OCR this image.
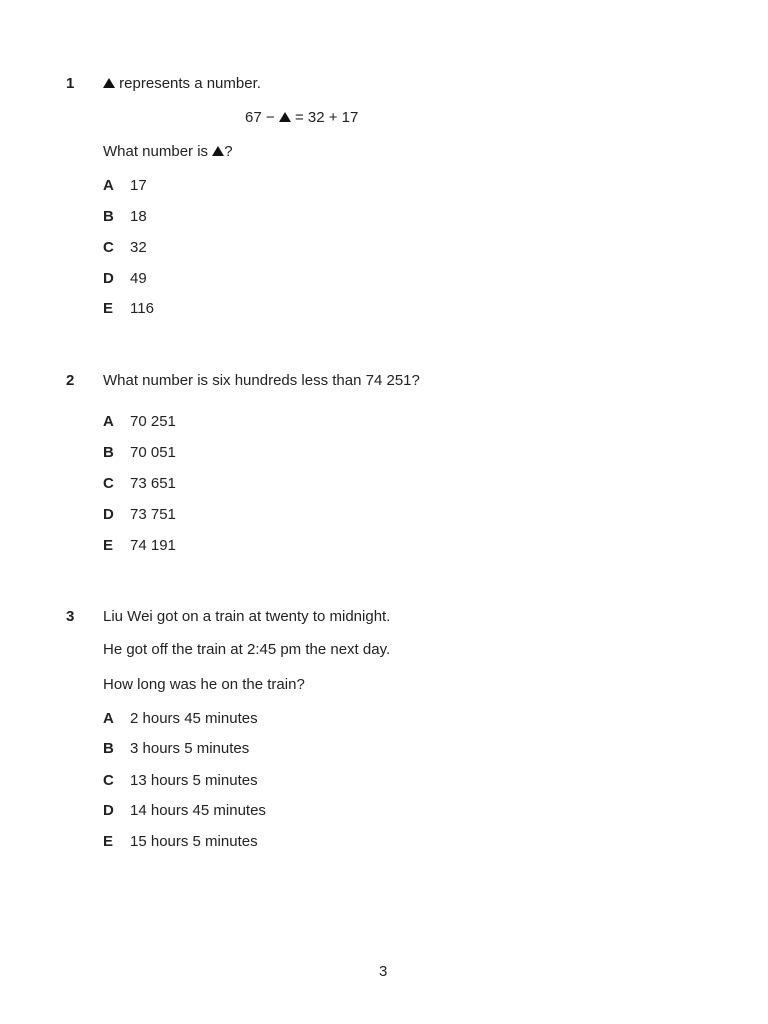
1	represents a number.
67 − = 32 + 17
What number is ?
A 17
B 18
C 32
D 49
E 116
2 What number is six hundreds less than 74 251?
A 70 251
B 70 051
C 73 651
D 73 751
E 74 191
3 Liu Wei got on a train at twenty to midnight.
He got off the train at 2:45 pm the next day.
How long was he on the train?
A 2 hours 45 minutes
B 3 hours 5 minutes
C 13 hours 5 minutes
D 14 hours 45 minutes
E 15 hours 5 minutes
3
